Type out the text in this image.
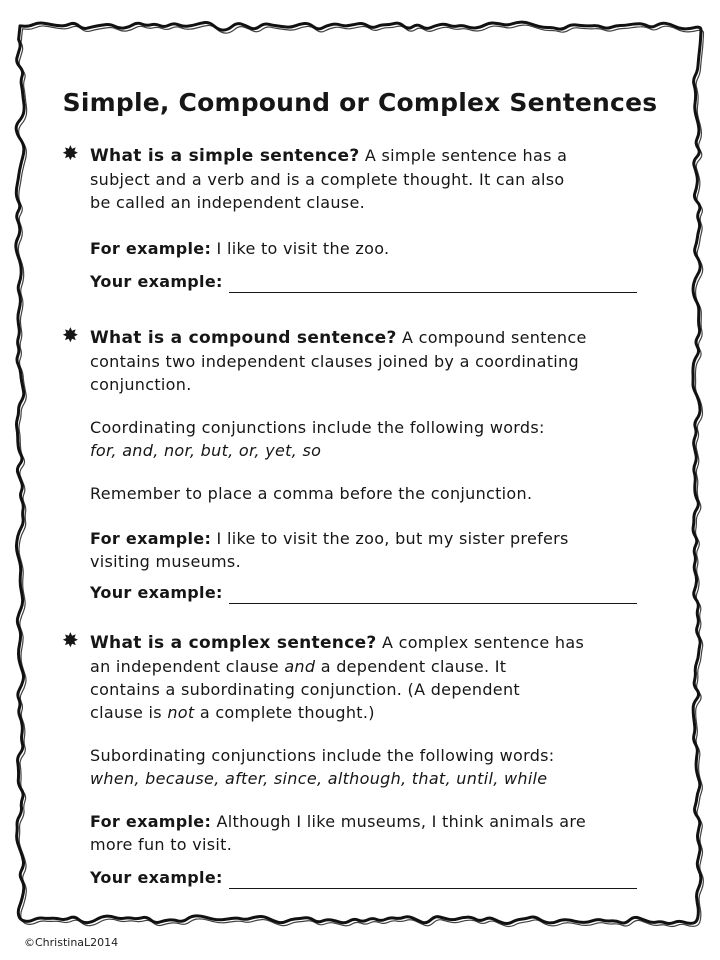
Simple, Compound or Complex Sentences
✸ What is a simple sentence? A simple sentence has a
subject and a verb and is a complete thought. It can also
be called an independent clause.

For example: I like to visit the zoo.

Your example:
✸ What is a compound sentence? A compound sentence
contains two independent clauses joined by a coordinating
conjunction.

Coordinating conjunctions include the following words:
for, and, nor, but, or, yet, so

Remember to place a comma before the conjunction.

For example: I like to visit the zoo, but my sister prefers
visiting museums.

Your example:
✸ What is a complex sentence? A complex sentence has
an independent clause and a dependent clause. It
contains a subordinating conjunction. (A dependent
clause is not a complete thought.)

Subordinating conjunctions include the following words:
when, because, after, since, although, that, until, while

For example: Although I like museums, I think animals are
more fun to visit.

Your example:
©ChristinaL2014
